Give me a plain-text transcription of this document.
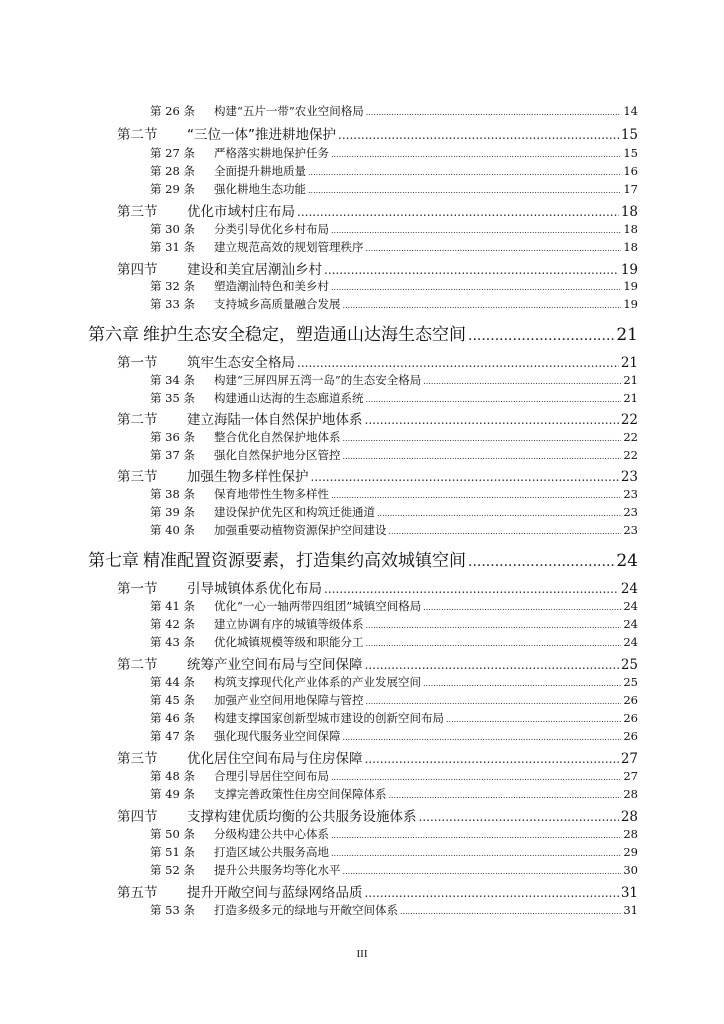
第 26 条	构建“五片一带”农业空间格局 .....	14
第二节	“三位一体”推进耕地保护 .....	15
第 27 条	严格落实耕地保护任务 .....	15
第 28 条	全面提升耕地质量 .....	16
第 29 条	强化耕地生态功能 .....	17
第三节	优化市域村庄布局 .....	18
第 30 条	分类引导优化乡村布局 .....	18
第 31 条	建立规范高效的规划管理秩序 .....	18
第四节	建设和美宜居潮汕乡村 .....	19
第 32 条	塑造潮汕特色和美乡村 .....	19
第 33 条	支持城乡高质量融合发展 .....	19
第六章 维护生态安全稳定，塑造通山达海生态空间 .....	21
第一节	筑牢生态安全格局 .....	21
第 34 条	构建“三屏四屏五湾一岛”的生态安全格局 .....	21
第 35 条	构建通山达海的生态廊道系统 .....	21
第二节	建立海陆一体自然保护地体系 .....	22
第 36 条	整合优化自然保护地体系 .....	22
第 37 条	强化自然保护地分区管控 .....	22
第三节	加强生物多样性保护 .....	23
第 38 条	保育地带性生物多样性 .....	23
第 39 条	建设保护优先区和构筑迁徙通道 .....	23
第 40 条	加强重要动植物资源保护空间建设 .....	23
第七章 精准配置资源要素，打造集约高效城镇空间 .....	24
第一节	引导城镇体系优化布局 .....	24
第 41 条	优化“一心一轴两带四组团”城镇空间格局 .....	24
第 42 条	建立协调有序的城镇等级体系 .....	24
第 43 条	优化城镇规模等级和职能分工 .....	24
第二节	统筹产业空间布局与空间保障 .....	25
第 44 条	构筑支撑现代化产业体系的产业发展空间 .....	25
第 45 条	加强产业空间用地保障与管控 .....	26
第 46 条	构建支撑国家创新型城市建设的创新空间布局 .....	26
第 47 条	强化现代服务业空间保障 .....	26
第三节	优化居住空间布局与住房保障 .....	27
第 48 条	合理引导居住空间布局 .....	27
第 49 条	支撑完善政策性住房空间保障体系 .....	28
第四节	支撑构建优质均衡的公共服务设施体系 .....	28
第 50 条	分级构建公共中心体系 .....	28
第 51 条	打造区域公共服务高地 .....	29
第 52 条	提升公共服务均等化水平 .....	30
第五节	提升开敞空间与蓝绿网络品质 .....	31
第 53 条	打造多级多元的绿地与开敞空间体系 .....	31
III
